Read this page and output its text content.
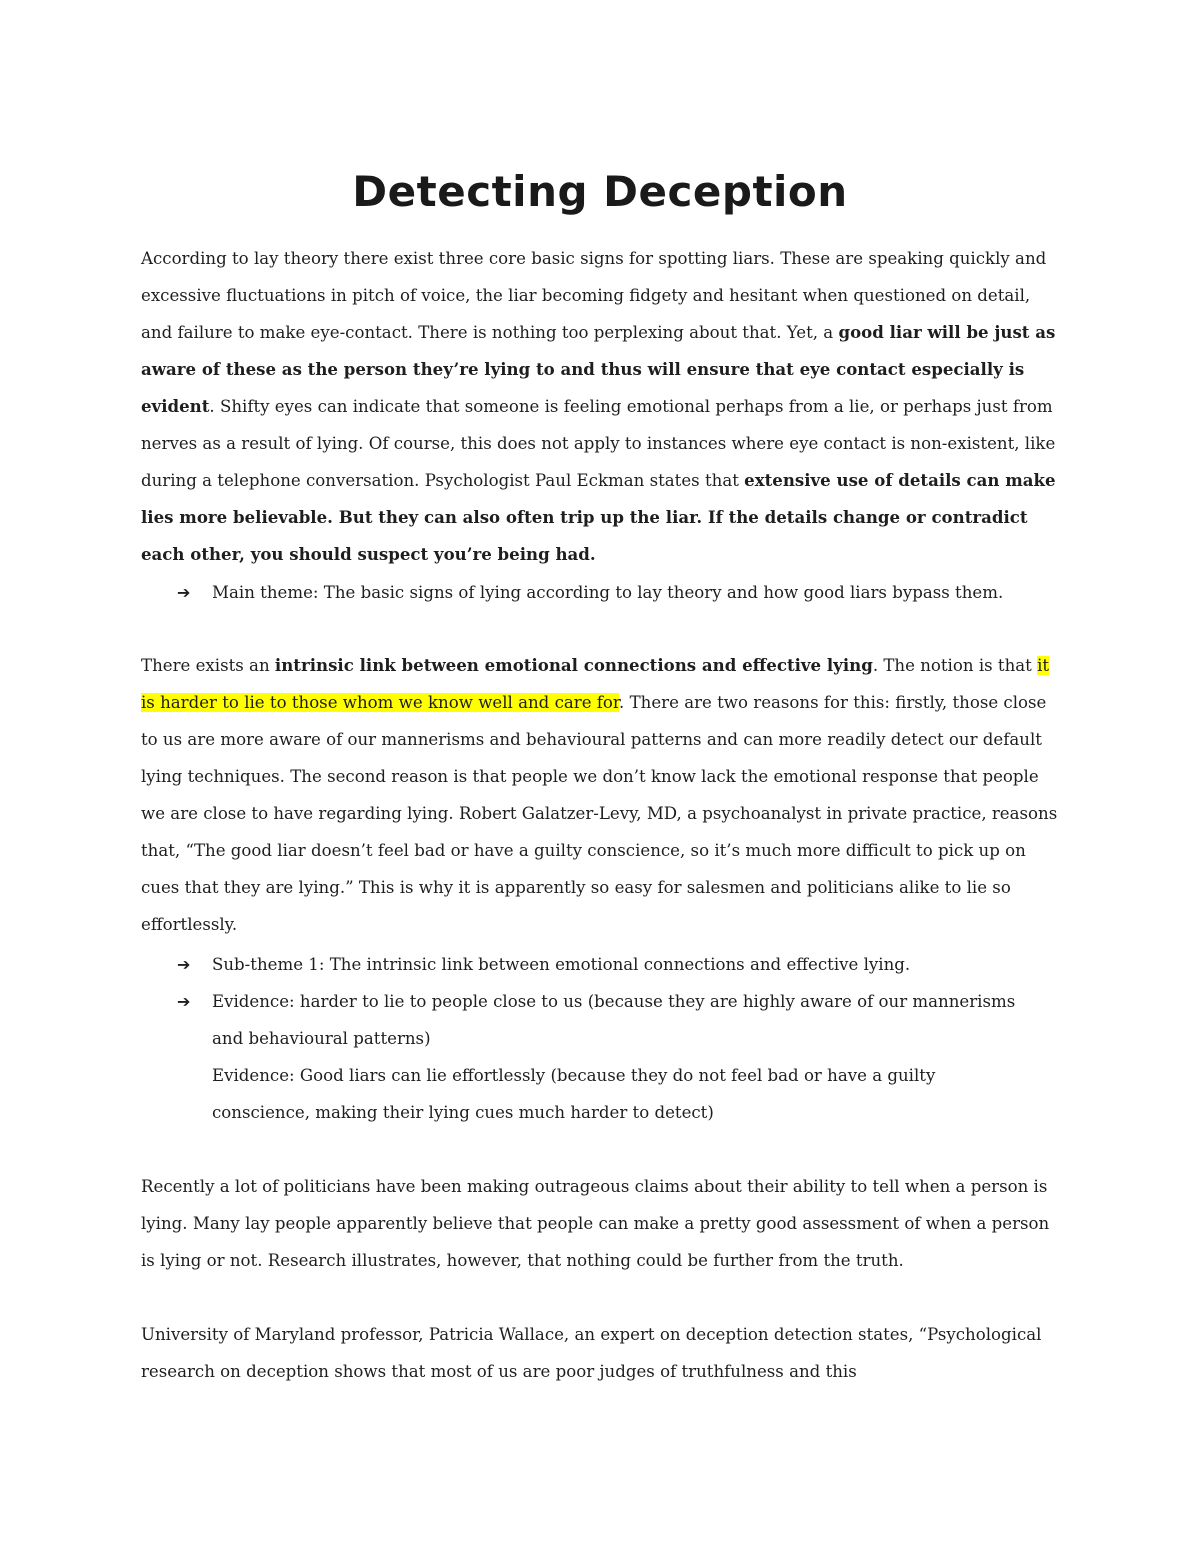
Detecting Deception

According to lay theory there exist three core basic signs for spotting liars. These are speaking quickly and excessive fluctuations in pitch of voice, the liar becoming fidgety and hesitant when questioned on detail, and failure to make eye-contact. There is nothing too perplexing about that. Yet, a good liar will be just as aware of these as the person they’re lying to and thus will ensure that eye contact especially is evident. Shifty eyes can indicate that someone is feeling emotional perhaps from a lie, or perhaps just from nerves as a result of lying. Of course, this does not apply to instances where eye contact is non-existent, like during a telephone conversation. Psychologist Paul Eckman states that extensive use of details can make lies more believable. But they can also often trip up the liar. If the details change or contradict each other, you should suspect you’re being had.

➔	Main theme: The basic signs of lying according to lay theory and how good liars bypass them.

There exists an intrinsic link between emotional connections and effective lying. The notion is that it is harder to lie to those whom we know well and care for. There are two reasons for this: firstly, those close to us are more aware of our mannerisms and behavioural patterns and can more readily detect our default lying techniques. The second reason is that people we don’t know lack the emotional response that people we are close to have regarding lying. Robert Galatzer-Levy, MD, a psychoanalyst in private practice, reasons that, “The good liar doesn’t feel bad or have a guilty conscience, so it’s much more difficult to pick up on cues that they are lying.” This is why it is apparently so easy for salesmen and politicians alike to lie so effortlessly.

➔	Sub-theme 1: The intrinsic link between emotional connections and effective lying.
➔	Evidence: harder to lie to people close to us (because they are highly aware of our mannerisms and behavioural patterns)
Evidence: Good liars can lie effortlessly (because they do not feel bad or have a guilty conscience, making their lying cues much harder to detect)

Recently a lot of politicians have been making outrageous claims about their ability to tell when a person is lying. Many lay people apparently believe that people can make a pretty good assessment of when a person is lying or not. Research illustrates, however, that nothing could be further from the truth.

University of Maryland professor, Patricia Wallace, an expert on deception detection states, “Psychological research on deception shows that most of us are poor judges of truthfulness and this
